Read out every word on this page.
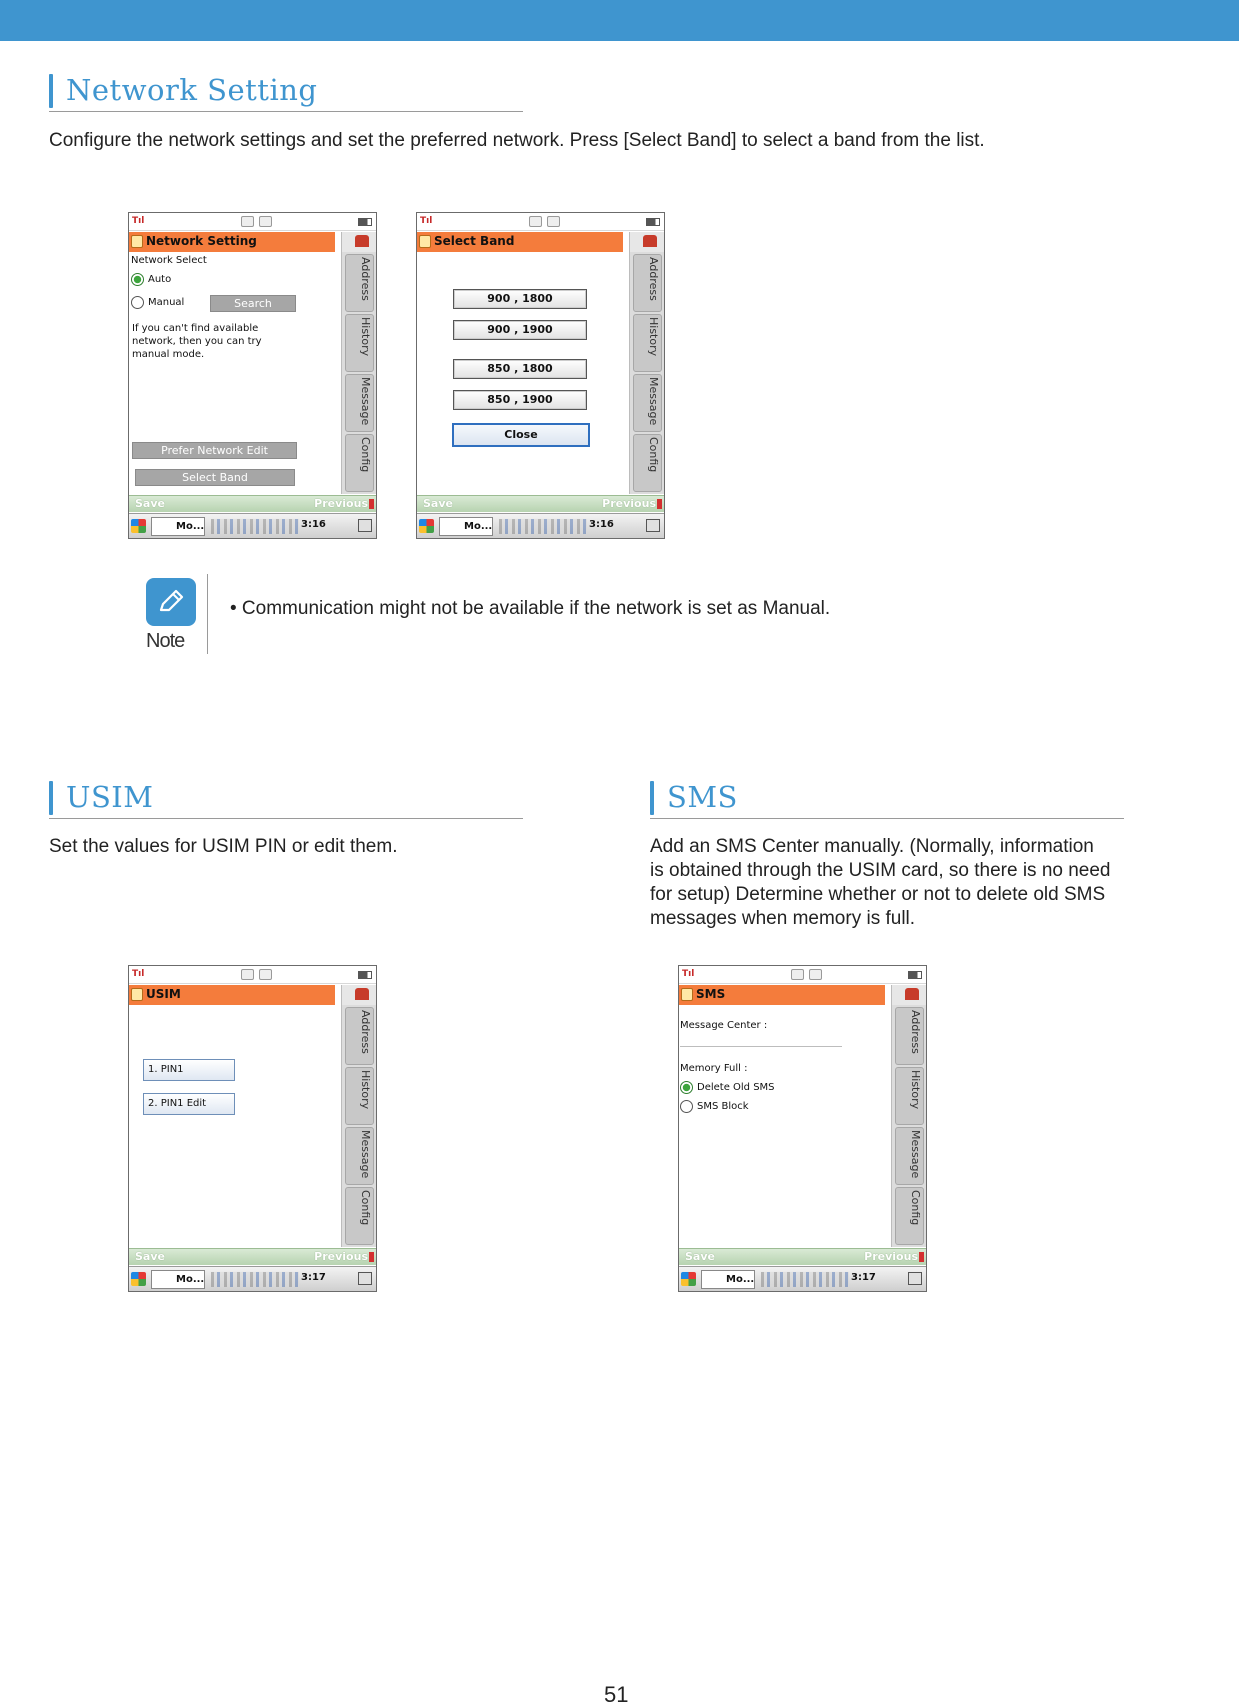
Network Setting
Configure the network settings and set the preferred network. Press [Select Band] to select a band from the list.
Tıl
Network Setting
Network Select
Auto
Manual	Search
If you can't find available
network, then you can try
manual mode.
Prefer Network Edit
Select Band
Address
History
Message
Config
Save	Previous
Mo...	3:16
Tıl
Select Band
900 , 1800
900 , 1900
850 , 1800
850 , 1900
Close
Address
History
Message
Config
Save	Previous
Mo...	3:16
Note
• Communication might not be available if the network is set as Manual.
USIM
Set the values for USIM PIN or edit them.
SMS
Add an SMS Center manually. (Normally, information
is obtained through the USIM card, so there is no need
for setup) Determine whether or not to delete old SMS
messages when memory is full.
Tıl
USIM
1. PIN1
2. PIN1 Edit
Address
History
Message
Config
Save	Previous
Mo...	3:17
Tıl
SMS
Message Center :
Memory Full :
Delete Old SMS
SMS Block
Address
History
Message
Config
Save	Previous
Mo...	3:17
51
